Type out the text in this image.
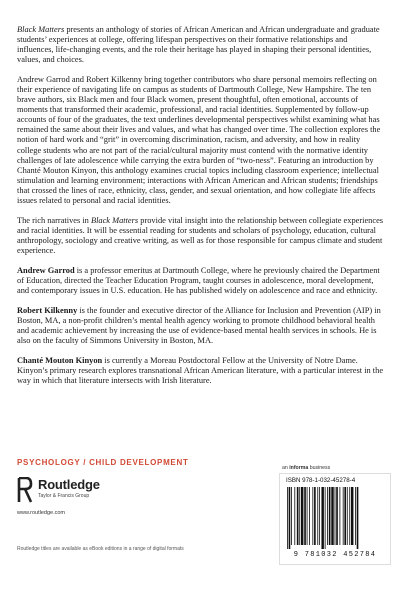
Black Matters presents an anthology of stories of African American and African undergraduate and graduate students’ experiences at college, offering lifespan perspectives on their formative relationships and influences, life-changing events, and the role their heritage has played in shaping their personal identities, values, and choices.

Andrew Garrod and Robert Kilkenny bring together contributors who share personal memoirs reflecting on their experience of navigating life on campus as students of Dartmouth College, New Hampshire. The ten brave authors, six Black men and four Black women, present thoughtful, often emotional, accounts of moments that transformed their academic, professional, and racial identities. Supplemented by follow-up accounts of four of the graduates, the text underlines developmental perspectives whilst examining what has remained the same about their lives and values, and what has changed over time. The collection explores the notion of hard work and “grit” in overcoming discrimination, racism, and adversity, and how in reality college students who are not part of the racial/cultural majority must contend with the normative identity challenges of late adolescence while carrying the extra burden of “two-ness”. Featuring an introduction by Chanté Mouton Kinyon, this anthology examines crucial topics including classroom experience; intellectual stimulation and learning environment; interactions with African American and African students; friendships that crossed the lines of race, ethnicity, class, gender, and sexual orientation, and how collegiate life affects issues related to personal and racial identities.

The rich narratives in Black Matters provide vital insight into the relationship between collegiate experiences and racial identities. It will be essential reading for students and scholars of psychology, education, cultural anthropology, sociology and creative writing, as well as for those responsible for campus climate and student experience.

Andrew Garrod is a professor emeritus at Dartmouth College, where he previously chaired the Department of Education, directed the Teacher Education Program, taught courses in adolescence, moral development, and contemporary issues in U.S. education. He has published widely on adolescence and race and ethnicity.

Robert Kilkenny is the founder and executive director of the Alliance for Inclusion and Prevention (AIP) in Boston, MA, a non-profit children’s mental health agency working to promote childhood behavioral health and academic achievement by increasing the use of evidence-based mental health services in schools. He is also on the faculty of Simmons University in Boston, MA.

Chanté Mouton Kinyon is currently a Moreau Postdoctoral Fellow at the University of Notre Dame. Kinyon’s primary research explores transnational African American literature, with a particular interest in the way in which that literature intersects with Irish literature.

PSYCHOLOGY / CHILD DEVELOPMENT
Routledge
Taylor & Francis Group
www.routledge.com
Routledge titles are available as eBook editions in a range of digital formats
an informa business
ISBN 978-1-032-45278-4
9 781032 452784
